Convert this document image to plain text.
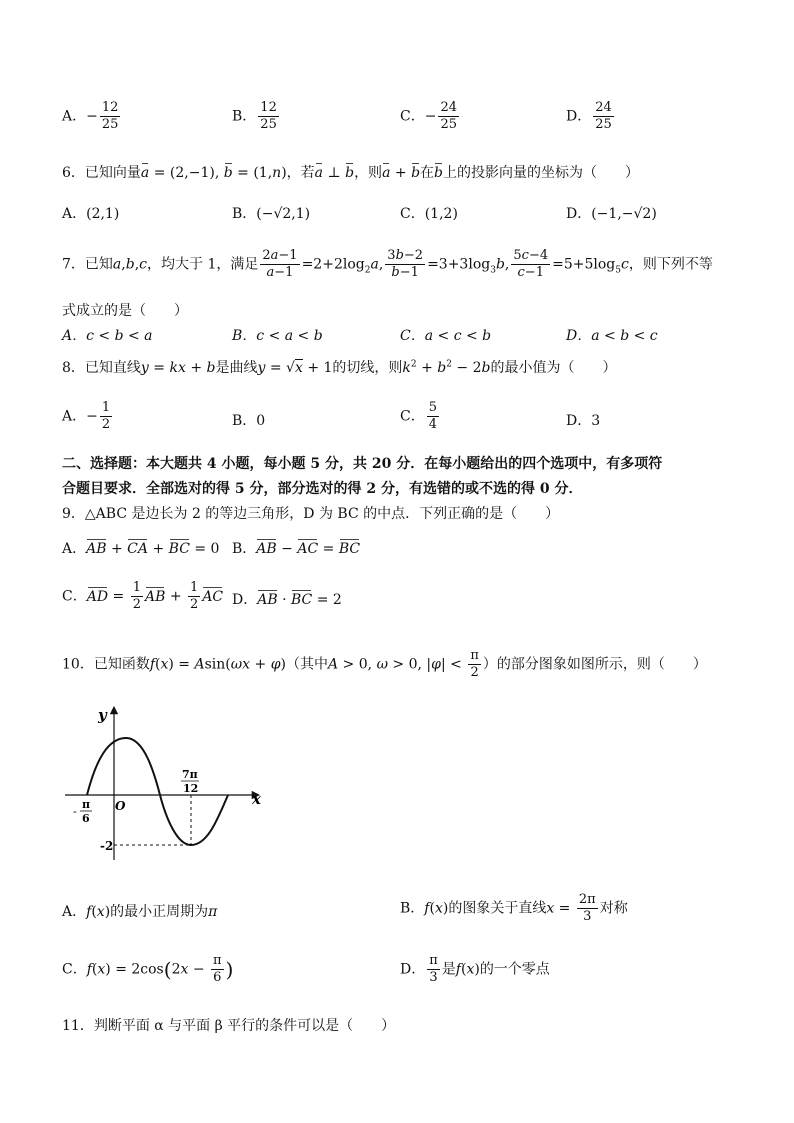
A．− $\frac{12}{25}$	B． $\frac{12}{25}$	C．− $\frac{24}{25}$	D． $\frac{24}{25}$
6．已知向量a = (2,−1), b = (1,n)，若a ⊥ b，则a + b在b上的投影向量的坐标为（　　）
A．(2,1)	B．(−√2,1)	C．(1,2)	D．(−1,−√2)
7．已知a,b,c，均大于 1，满足 $\frac{2a-1}{a-1} =2+2\log_2a$, $\frac{3b-2}{b-1} =3+3\log_3b$, $\frac{5c-4}{c-1} =5+5\log_5c$，则下列不等
式成立的是（　　）
A．c < b < a	B．c < a < b	C．a < c < b	D．a < b < c
8．已知直线y = kx + b是曲线y = √x + 1的切线，则$k^2 + b^2 - 2b$的最小值为（　　）
A．− $\frac{1}{2}$	B．0	C． $\frac{5}{4}$	D．3
二、选择题：本大题共 4 小题，每小题 5 分，共 20 分．在每小题给出的四个选项中，有多项符
合题目要求．全部选对的得 5 分，部分选对的得 2 分，有选错的或不选的得 0 分．
9．△ABC 是边长为 2 的等边三角形，D 为 BC 的中点．下列正确的是（　　）
A．AB + CA + BC = 0 B．AB − AC = BC
C．AD = $\frac{1}{2}$ AB + $\frac{1}{2}$ AC D．AB · BC = 2
10．已知函数f(x) = Asin(ωx + φ)（其中A > 0, ω > 0, $|\varphi| < \frac{\pi}{2}$ ）的部分图象如图所示，则（　　）
y
x
O
-
π
6
7π
12
-2
A．f(x)的最小正周期为π	B．f(x)的图象关于直线$x = \frac{2\pi}{3}$ 对称
C．$f(x) = 2\cos(2x - \frac{\pi}{6}$ )	D． $\frac{\pi}{3}$ 是f(x)的一个零点
11．判断平面 α 与平面 β 平行的条件可以是（　　）
